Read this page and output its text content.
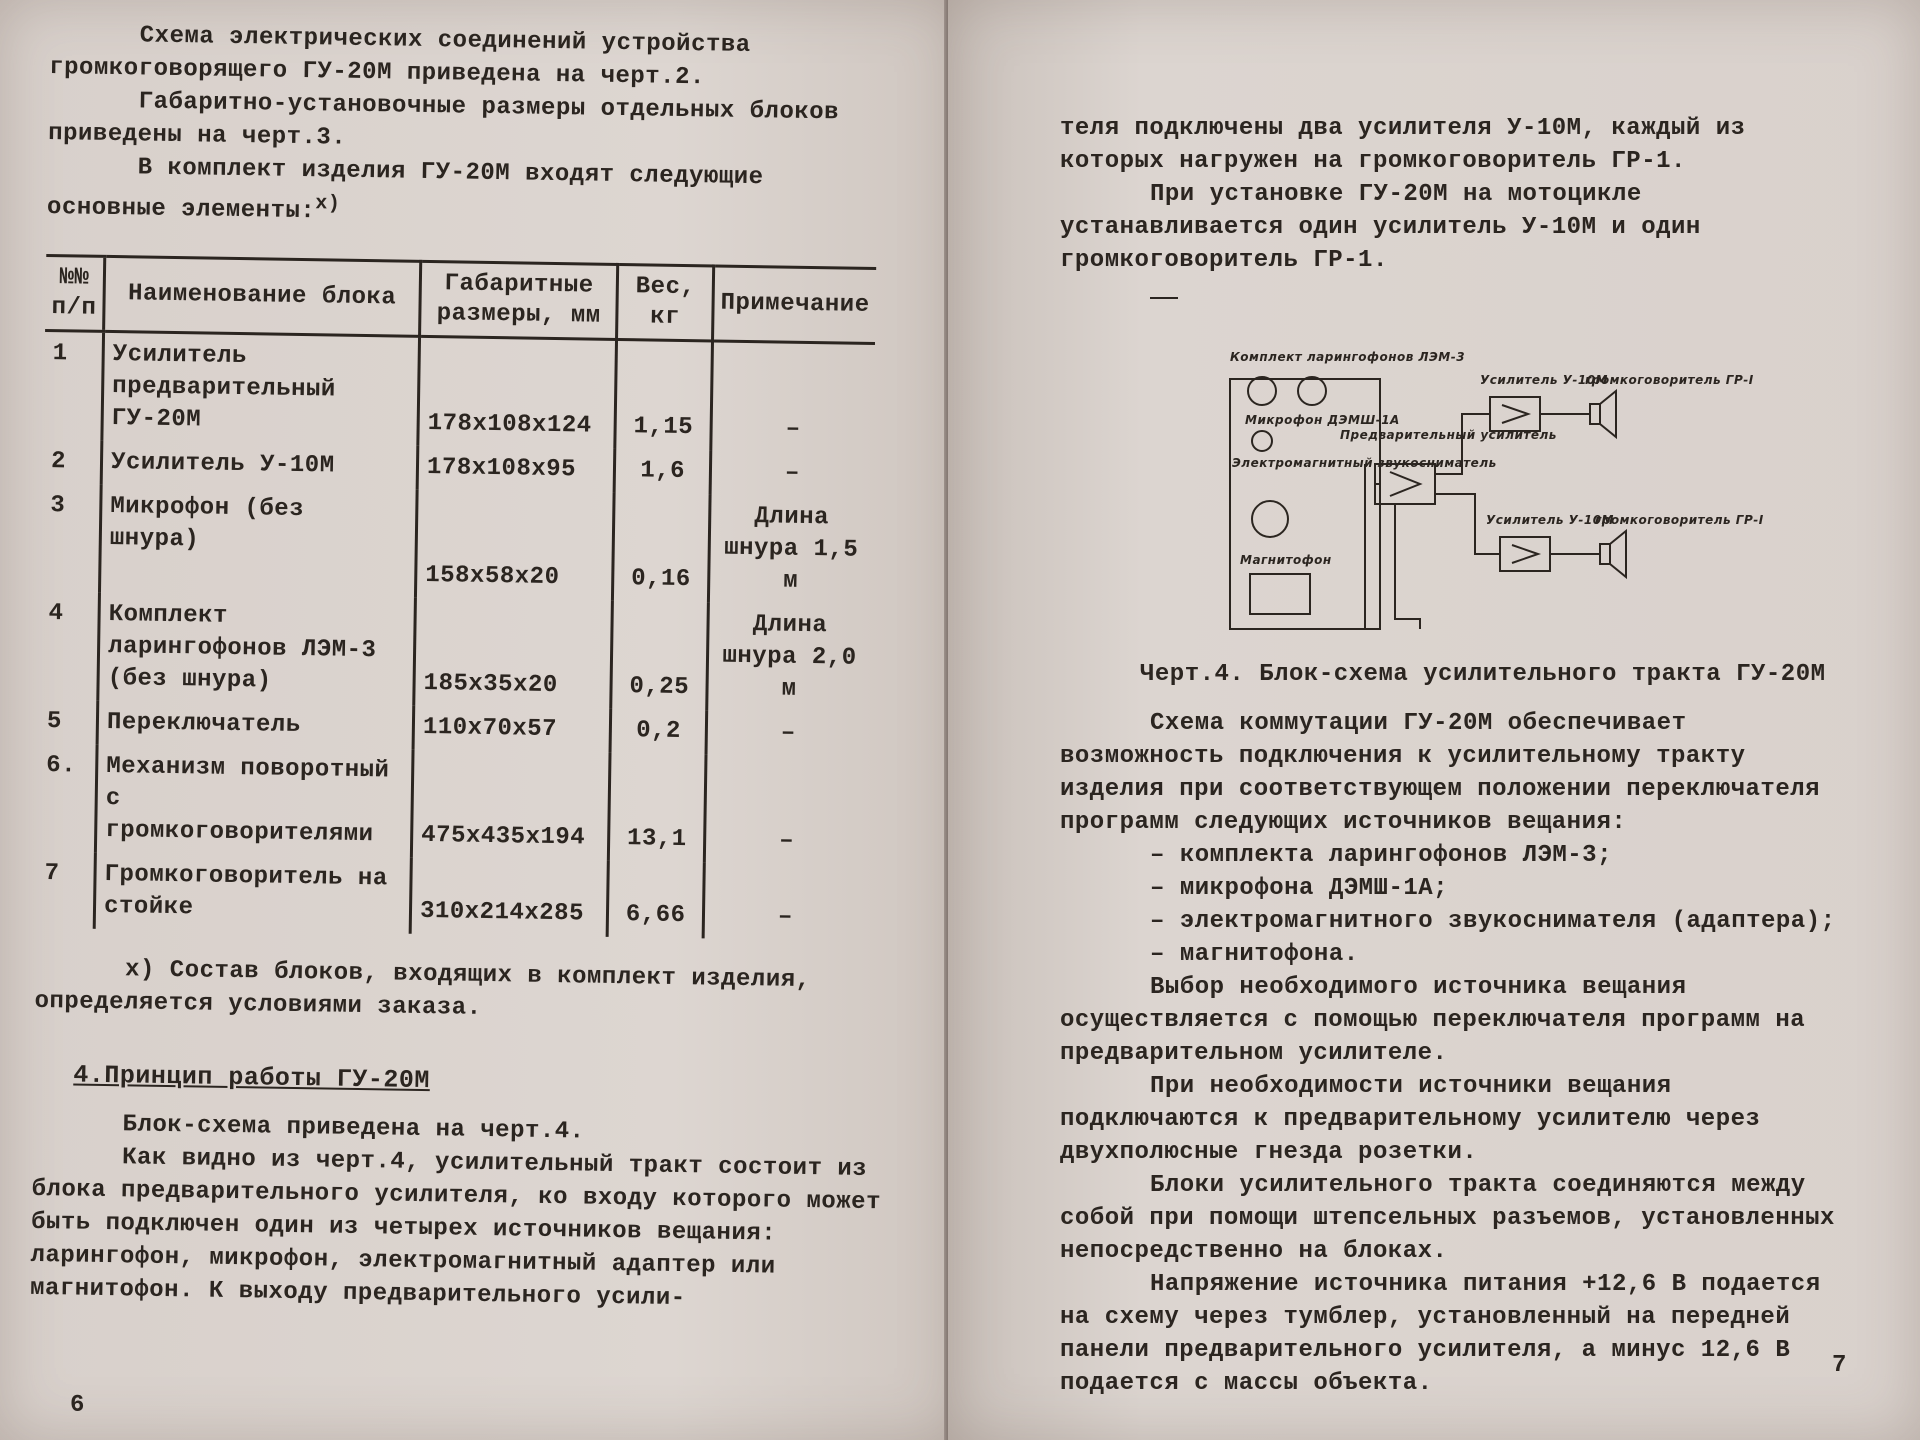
Схема электрических соединений устройства громкоговорящего ГУ-20М приведена на черт.2.

Габаритно-установочные размеры отдельных блоков приведены на черт.3.

В комплект изделия ГУ-20М входят следующие основные элементы:$^{х)}$

№№ п/п	Наименование блока	Габаритные размеры, мм	Вес, кг	Примечание
1	Усилитель предварительный ГУ-20М	178х108х124	1,15	–
2	Усилитель У-10М	178х108х95	1,6	–
3	Микрофон (без шнура)	158х58х20	0,16	Длина шнура 1,5 м
4	Комплект ларингофонов ЛЭМ-3 (без шнура)	185х35х20	0,25	Длина шнура 2,0 м
5	Переключатель	110х70х57	0,2	–
6.	Механизм поворотный с громкоговорителями	475х435х194	13,1	–
7	Громкоговоритель на стойке	310х214х285	6,66	–

х) Состав блоков, входящих в комплект изделия, определяется условиями заказа.

4.Принцип работы ГУ-20М

Блок-схема приведена на черт.4.

Как видно из черт.4, усилительный тракт состоит из блока предварительного усилителя, ко входу которого может быть подключен один из четырех источников вещания: ларингофон, микрофон, электромагнитный адаптер или магнитофон. К выходу предварительного усили-

6

теля подключены два усилителя У-10М, каждый из которых нагружен на громкоговоритель ГР-1.

При установке ГУ-20М на мотоцикле устанавливается один усилитель У-10М и один громкоговоритель ГР-1.

Комплект ларингофонов ЛЭМ-3
Микрофон ДЭМШ-1А
Электромагнитный звукосниматель
Предварительный усилитель
Магнитофон
Усилитель У-10М
громкоговоритель ГР-I
Усилитель У-10М
громкоговоритель ГР-I

Черт.4. Блок-схема усилительного тракта ГУ-20М

Схема коммутации ГУ-20М обеспечивает возможность подключения к усилительному тракту изделия при соответствующем положении переключателя программ следующих источников вещания:

– комплекта ларингофонов ЛЭМ-3;
– микрофона ДЭМШ-1А;
– электромагнитного звукоснимателя (адаптера);
– магнитофона.

Выбор необходимого источника вещания осуществляется с помощью переключателя программ на предварительном усилителе.

При необходимости источники вещания подключаются к предварительному усилителю через двухполюсные гнезда розетки.

Блоки усилительного тракта соединяются между собой при помощи штепсельных разъемов, установленных непосредственно на блоках.

Напряжение источника питания +12,6 В подается на схему через тумблер, установленный на передней панели предварительного усилителя, а минус 12,6 В подается с массы объекта.

7
